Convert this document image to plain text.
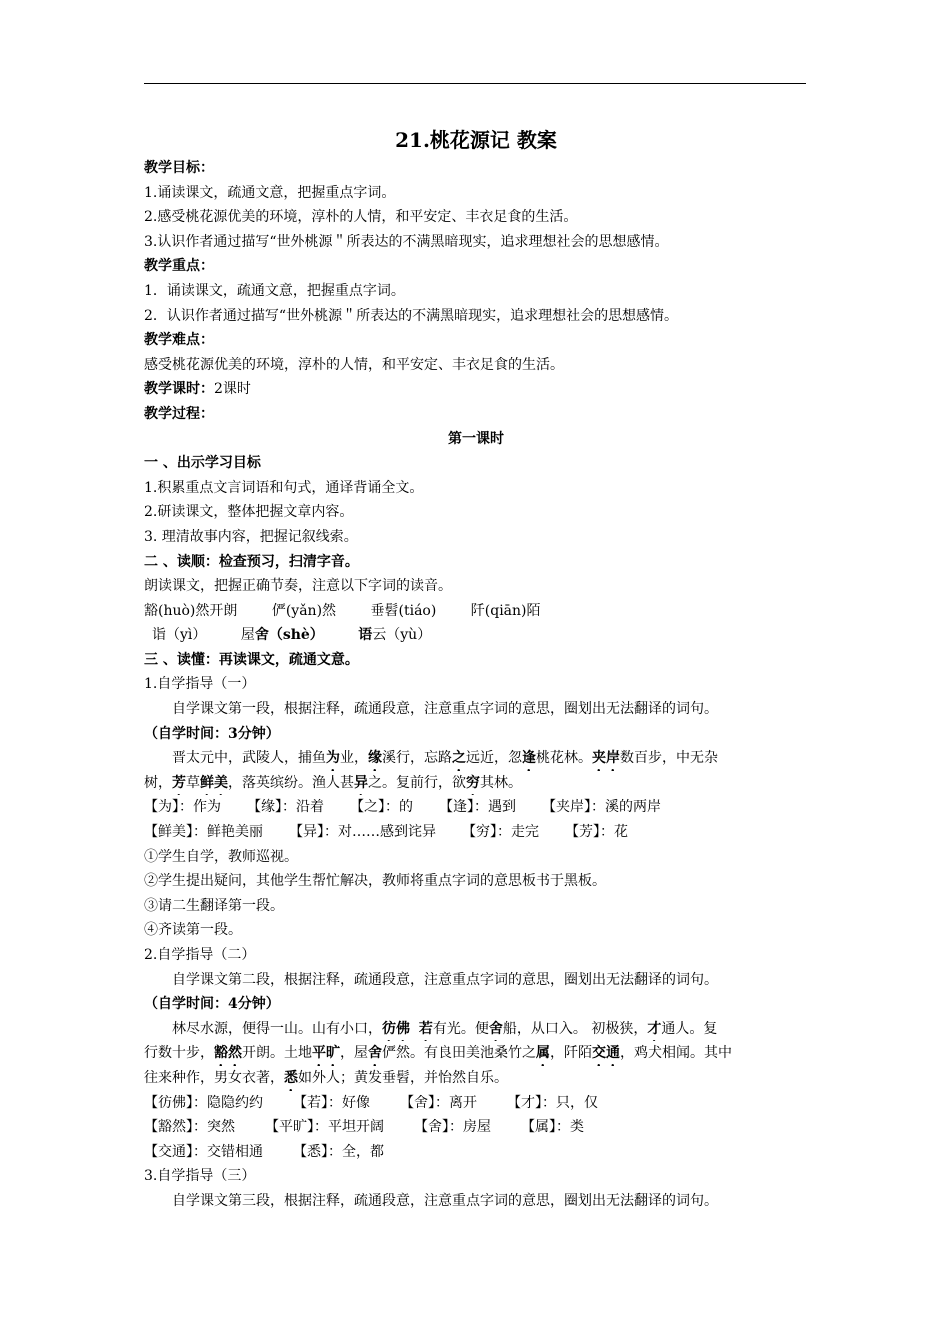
21.桃花源记 教案
教学目标：
1.诵读课文，疏通文意，把握重点字词。
2.感受桃花源优美的环境，淳朴的人情，和平安定、丰衣足食的生活。
3.认识作者通过描写“世外桃源＂所表达的不满黑暗现实，追求理想社会的思想感情。
教学重点：
1．诵读课文，疏通文意，把握重点字词。
2．认识作者通过描写“世外桃源＂所表达的不满黑暗现实，追求理想社会的思想感情。
教学难点：
感受桃花源优美的环境，淳朴的人情，和平安定、丰衣足食的生活。
教学课时：2课时
教学过程：
第一课时
一 、出示学习目标
1.积累重点文言词语和句式，通译背诵全文。
2.研读课文，整体把握文章内容。
3. 理清故事内容，把握记叙线索。
二 、读顺：检查预习，扫清字音。
朗读课文，把握正确节奏，注意以下字词的读音。
豁(huò)然开朗 俨(yǎn)然 垂髫(tiáo) 阡(qiān)陌
诣（yì） 屋舍（shè） 语云（yù）
三 、读懂：再读课文，疏通文意。
1.自学指导（一）
自学课文第一段，根据注释，疏通段意，注意重点字词的意思，圈划出无法翻译的词句。
（自学时间：3分钟）
晋太元中，武陵人，捕鱼为业，缘溪行，忘路之远近，忽逢桃花林。夹岸数百步，中无杂
树，芳草鲜美，落英缤纷。渔人甚异之。复前行，欲穷其林。
【为】：作为 【缘】：沿着 【之】：的 【逢】：遇到 【夹岸】：溪的两岸
【鲜美】：鲜艳美丽 【异】：对……感到诧异 【穷】：走完 【芳】：花
①学生自学，教师巡视。
②学生提出疑问，其他学生帮忙解决，教师将重点字词的意思板书于黑板。
③请二生翻译第一段。
④齐读第一段。
2.自学指导（二）
自学课文第二段，根据注释，疏通段意，注意重点字词的意思，圈划出无法翻译的词句。
（自学时间：4分钟）
林尽水源，便得一山。山有小口，彷佛 若有光。便舍船，从口入。 初极狭，才通人。复
行数十步，豁然开朗。土地平旷，屋舍俨然。有良田美池桑竹之属，阡陌交通，鸡犬相闻。其中
往来种作，男女衣著，悉如外人；黄发垂髫，并怡然自乐。
【彷佛】：隐隐约约 【若】：好像 【舍】：离开 【才】：只，仅
【豁然】：突然 【平旷】：平坦开阔 【舍】：房屋 【属】：类
【交通】：交错相通 【悉】：全，都
3.自学指导（三）
自学课文第三段，根据注释，疏通段意，注意重点字词的意思，圈划出无法翻译的词句。
